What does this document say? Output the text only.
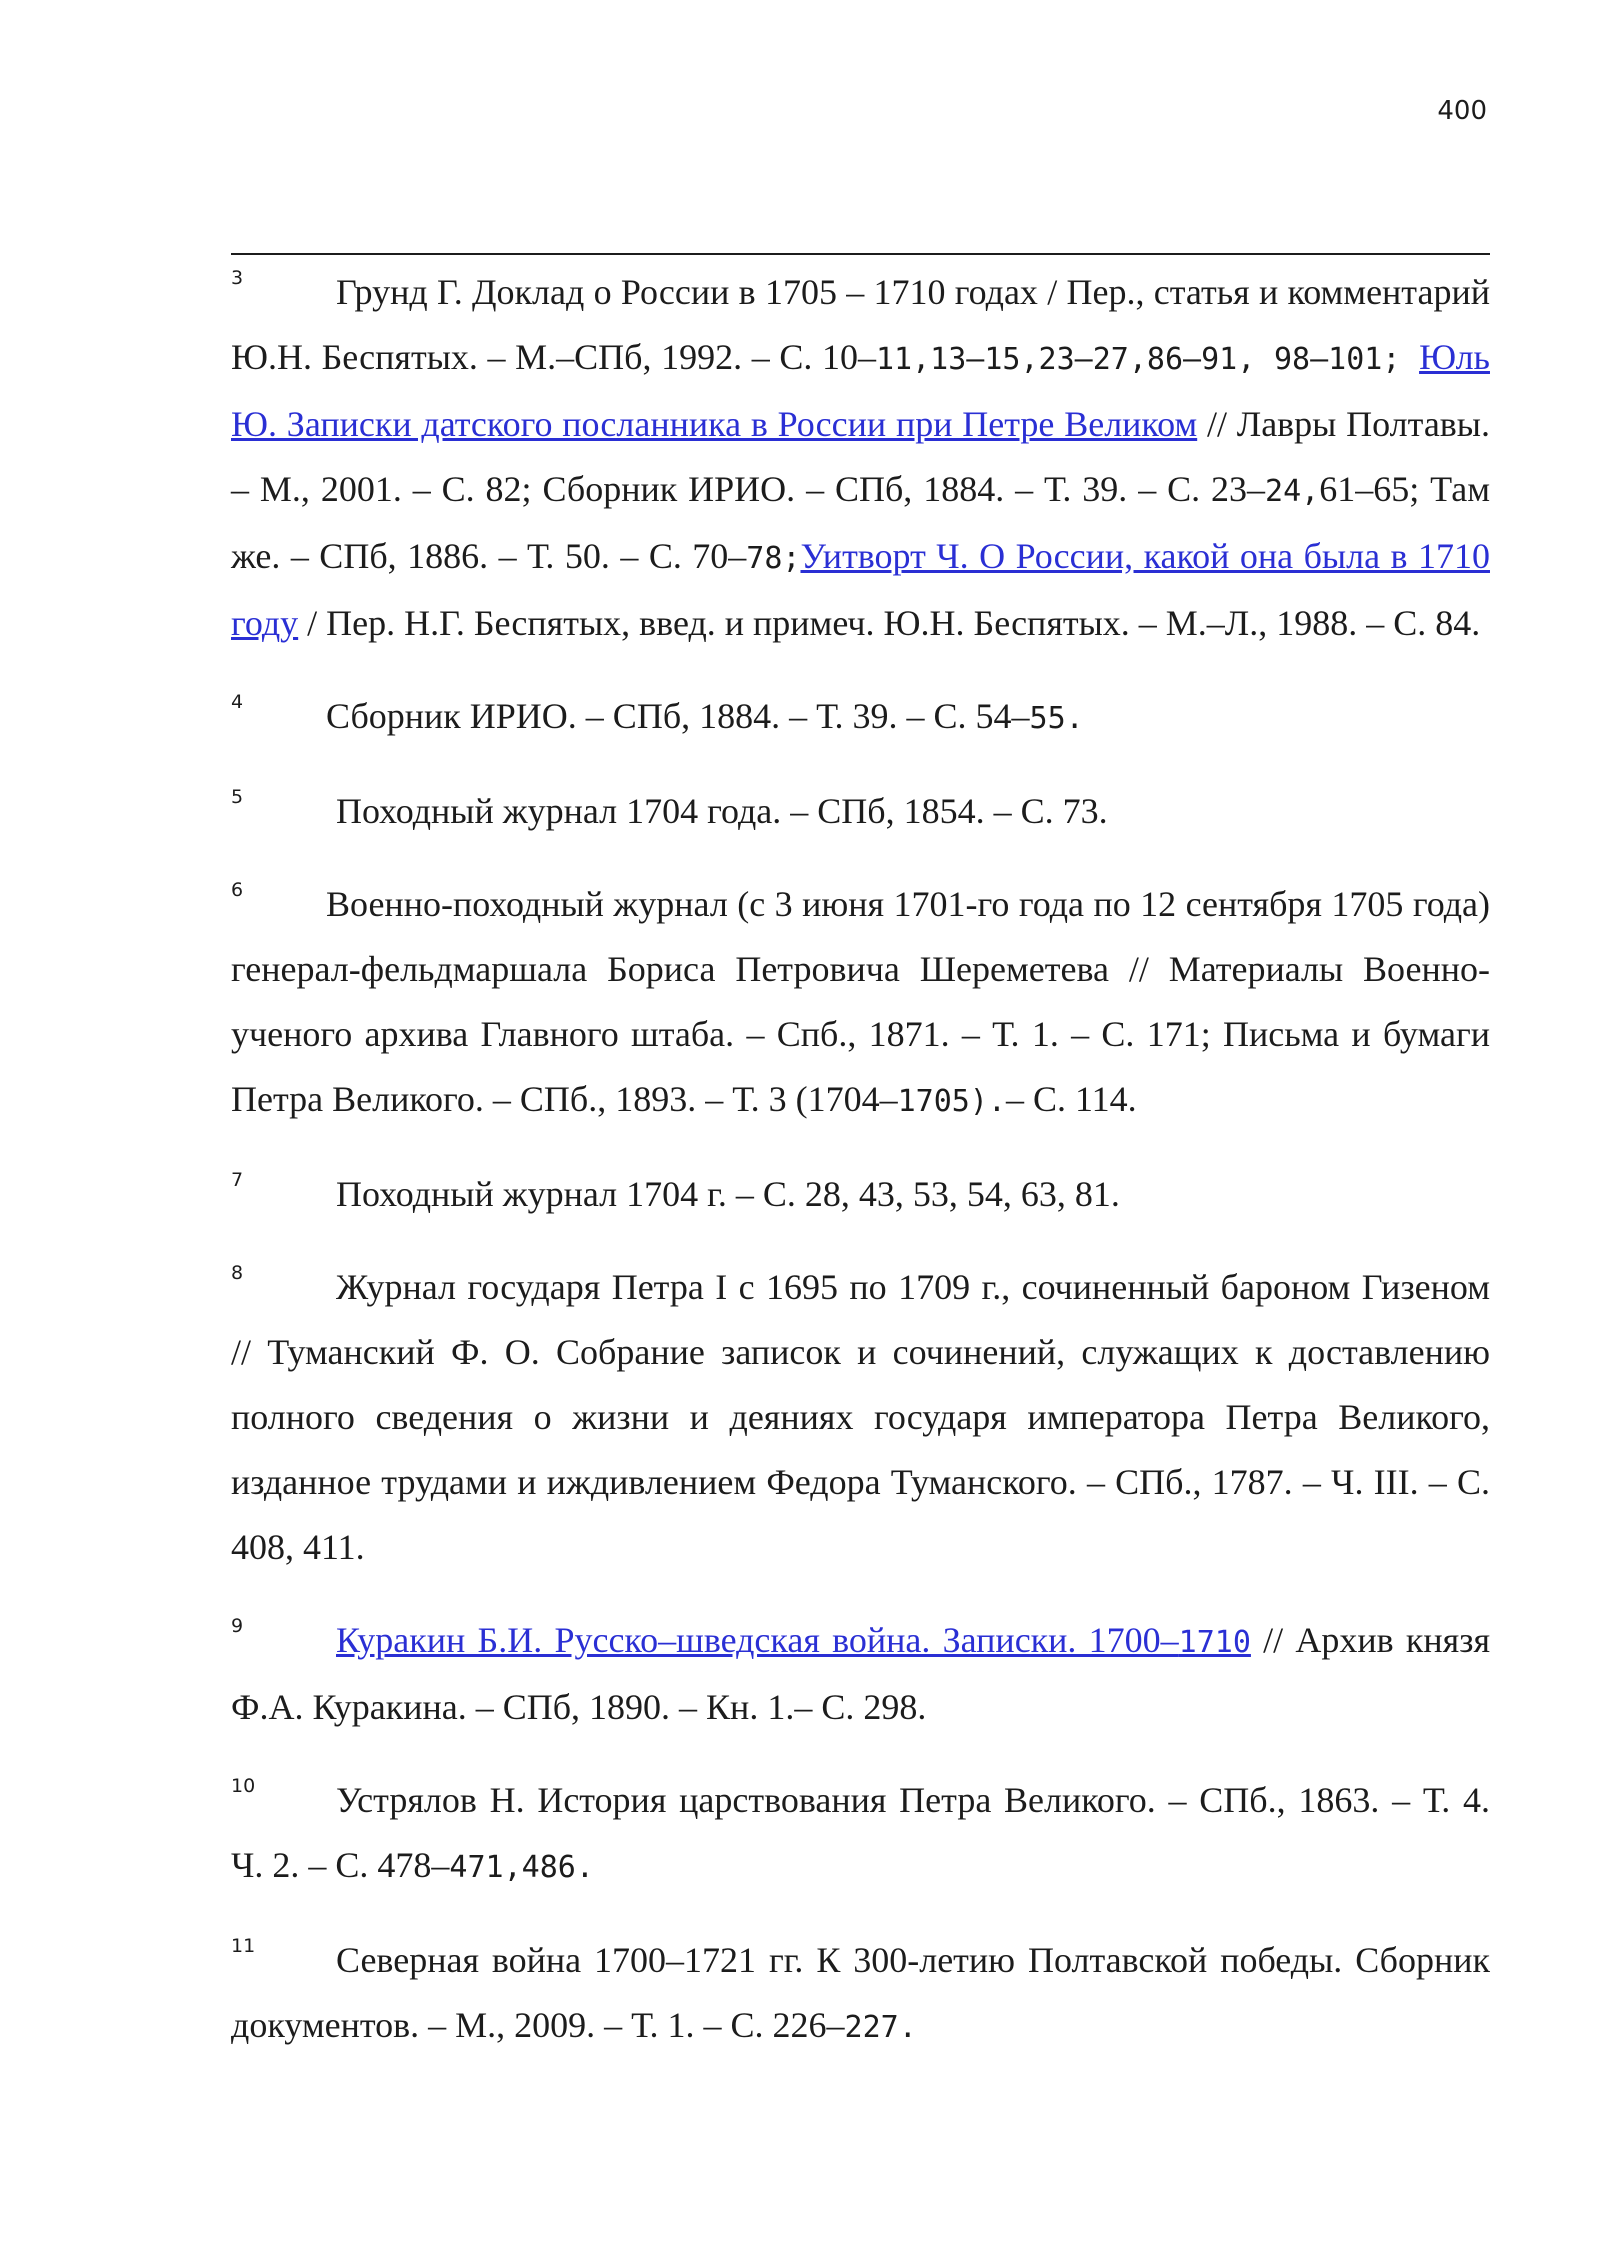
400
3	Грунд Г. Доклад о России в 1705 – 1710 годах / Пер., статья и комментарий Ю.Н. Беспятых. – М.–СПб, 1992. – С. 10–11,13–15,23–27,86–91, 98–101; Юль Ю. Записки датского посланника в России при Петре Великом // Лавры Полтавы. – М., 2001. – С. 82; Сборник ИРИО. – СПб, 1884. – Т. 39. – С. 23–24,61–65; Там же. – СПб, 1886. – Т. 50. – С. 70–78;Уитворт Ч. О России, какой она была в 1710 году / Пер. Н.Г. Беспятых, введ. и примеч. Ю.Н. Беспятых. – М.–Л., 1988. – С. 84.
4	Сборник ИРИО. – СПб, 1884. – Т. 39. – С. 54–55.
5	Походный журнал 1704 года. – СПб, 1854. – С. 73.
6	Военно-походный журнал (с 3 июня 1701-го года по 12 сентября 1705 года) генерал-фельдмаршала Бориса Петровича Шереметева // Материалы Военно- ученого архива Главного штаба. – Спб., 1871. – Т. 1. – С. 171; Письма и бумаги Петра Великого. – СПб., 1893. – Т. 3 (1704–1705).– С. 114.
7	Походный журнал 1704 г. – С. 28, 43, 53, 54, 63, 81.
8	Журнал государя Петра I с 1695 по 1709 г., сочиненный бароном Гизеном // Туманский Ф. О. Собрание записок и сочинений, служащих к доставлению полного сведения о жизни и деяниях государя императора Петра Великого, изданное трудами и иждивлением Федора Туманского. – СПб., 1787. – Ч. III. – С. 408, 411.
9	Куракин Б.И. Русско–шведская война. Записки. 1700–1710 // Архив князя Ф.А. Куракина. – СПб, 1890. – Кн. 1.– С. 298.
10	Устрялов Н. История царствования Петра Великого. – СПб., 1863. – Т. 4. Ч. 2. – С. 478–471,486.
11	Северная война 1700–1721 гг. К 300-летию Полтавской победы. Сборник документов. – М., 2009. – Т. 1. – С. 226–227.
